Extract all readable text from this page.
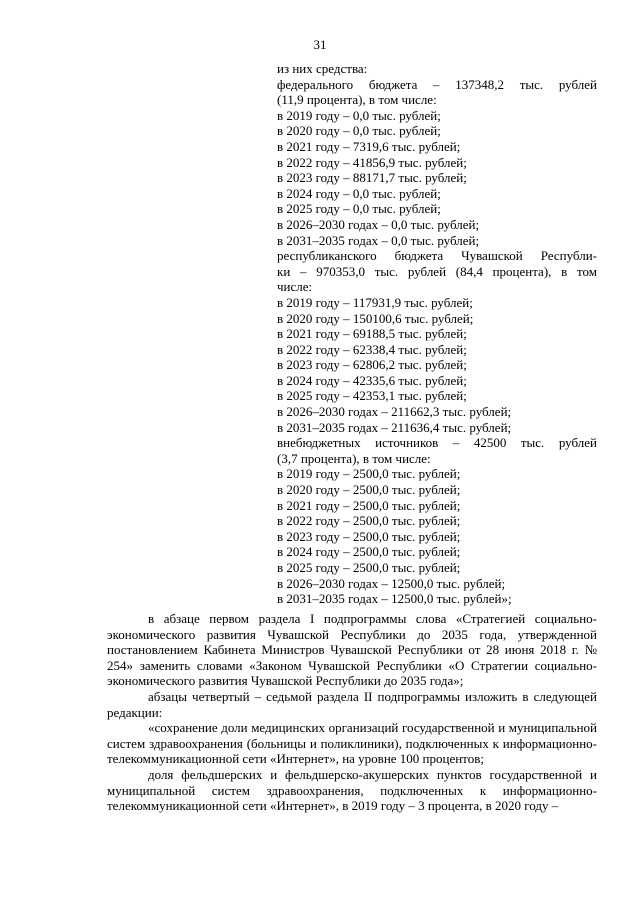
31
из них средства:
федерального бюджета – 137348,2 тыс. рублей
(11,9 процента), в том числе:
в 2019 году – 0,0 тыс. рублей;
в 2020 году – 0,0 тыс. рублей;
в 2021 году – 7319,6 тыс. рублей;
в 2022 году – 41856,9 тыс. рублей;
в 2023 году – 88171,7 тыс. рублей;
в 2024 году – 0,0 тыс. рублей;
в 2025 году – 0,0 тыс. рублей;
в 2026–2030 годах – 0,0 тыс. рублей;
в 2031–2035 годах – 0,0 тыс. рублей;
республиканского бюджета Чувашской Республи-
ки – 970353,0 тыс. рублей (84,4 процента), в том
числе:
в 2019 году – 117931,9 тыс. рублей;
в 2020 году – 150100,6 тыс. рублей;
в 2021 году – 69188,5 тыс. рублей;
в 2022 году – 62338,4 тыс. рублей;
в 2023 году – 62806,2 тыс. рублей;
в 2024 году – 42335,6 тыс. рублей;
в 2025 году – 42353,1 тыс. рублей;
в 2026–2030 годах – 211662,3 тыс. рублей;
в 2031–2035 годах – 211636,4 тыс. рублей;
внебюджетных источников – 42500 тыс. рублей
(3,7 процента), в том числе:
в 2019 году – 2500,0 тыс. рублей;
в 2020 году – 2500,0 тыс. рублей;
в 2021 году – 2500,0 тыс. рублей;
в 2022 году – 2500,0 тыс. рублей;
в 2023 году – 2500,0 тыс. рублей;
в 2024 году – 2500,0 тыс. рублей;
в 2025 году – 2500,0 тыс. рублей;
в 2026–2030 годах – 12500,0 тыс. рублей;
в 2031–2035 годах – 12500,0 тыс. рублей»;

в абзаце первом раздела I подпрограммы слова «Стратегией социально-экономического развития Чувашской Республики до 2035 года, утвержденной постановлением Кабинета Министров Чувашской Республики от 28 июня 2018 г. № 254» заменить словами «Законом Чувашской Республики «О Стратегии социально-экономического развития Чувашской Республики до 2035 года»;

абзацы четвертый – седьмой раздела II подпрограммы изложить в следующей редакции:

«сохранение доли медицинских организаций государственной и муниципальной систем здравоохранения (больницы и поликлиники), подключенных к информационно-телекоммуникационной сети «Интернет», на уровне 100 процентов;

доля фельдшерских и фельдшерско-акушерских пунктов государственной и муниципальной систем здравоохранения, подключенных к информационно-телекоммуникационной сети «Интернет», в 2019 году – 3 процента, в 2020 году –
